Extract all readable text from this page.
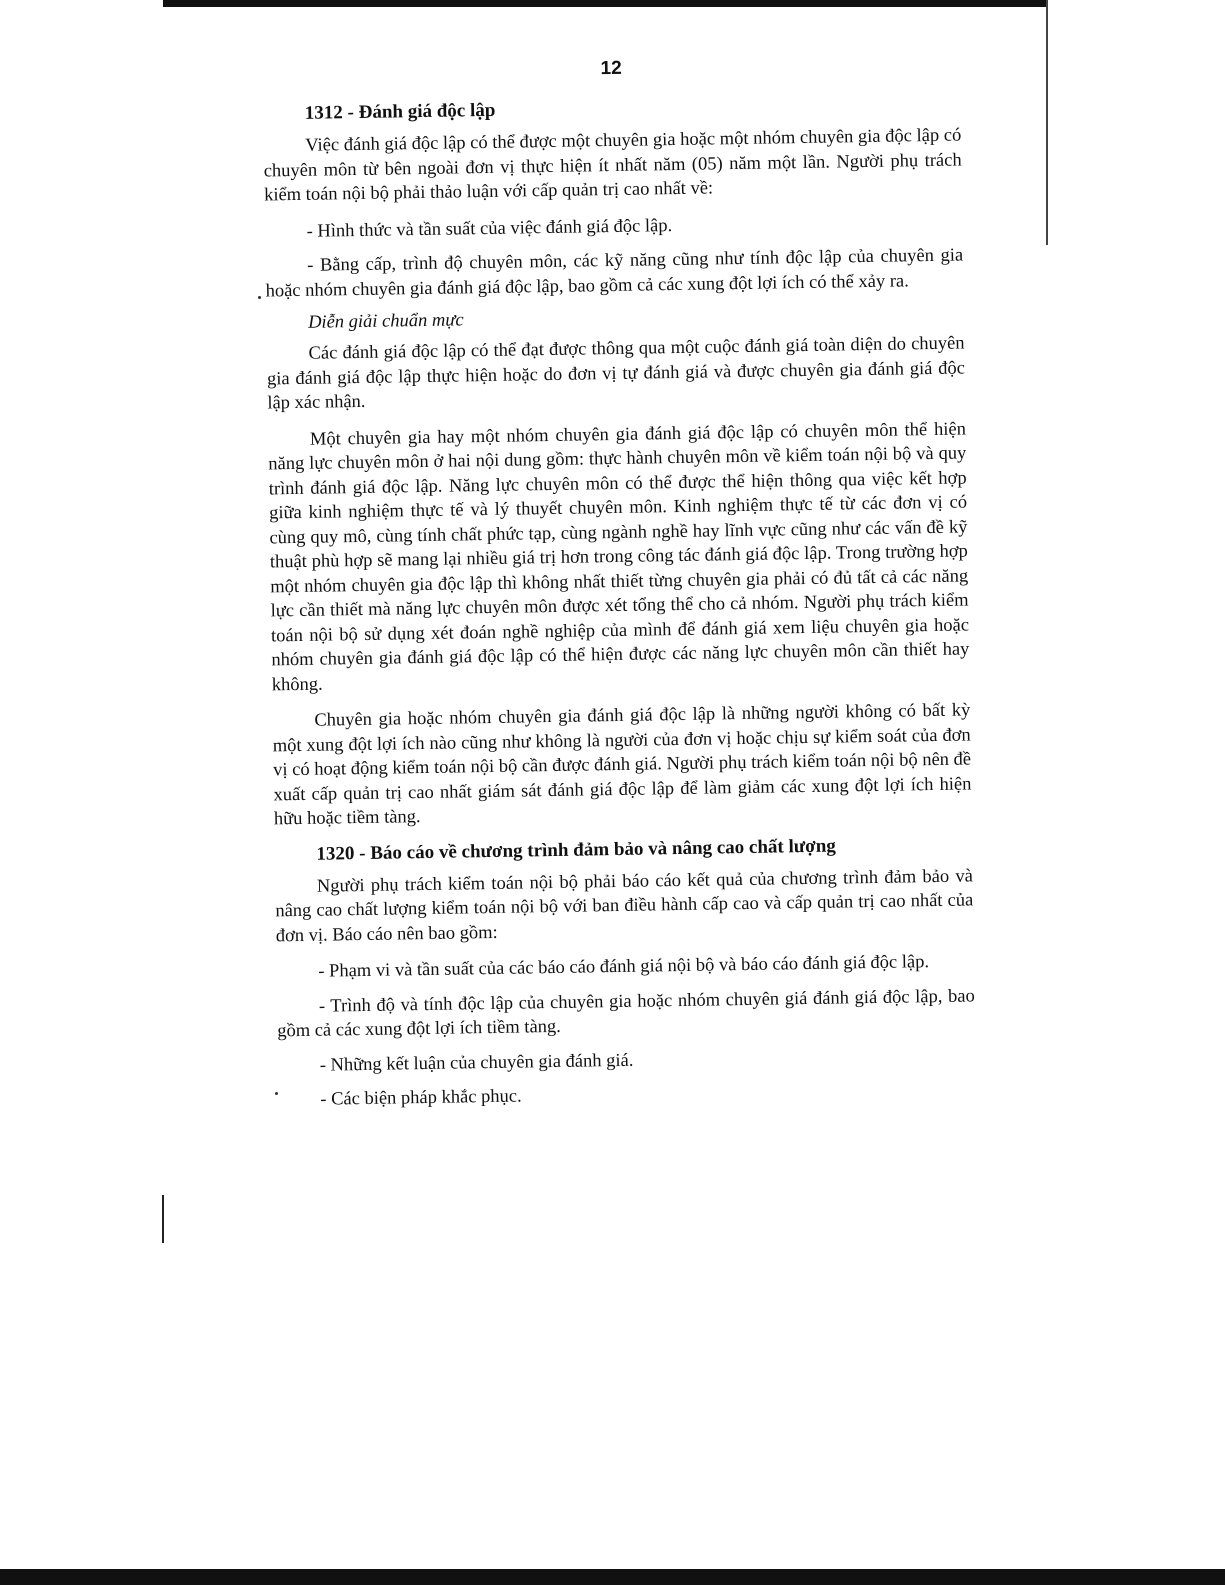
12
1312 - Đánh giá độc lập

Việc đánh giá độc lập có thể được một chuyên gia hoặc một nhóm chuyên gia độc lập có chuyên môn từ bên ngoài đơn vị thực hiện ít nhất năm (05) năm một lần. Người phụ trách kiểm toán nội bộ phải thảo luận với cấp quản trị cao nhất về:

- Hình thức và tần suất của việc đánh giá độc lập.

- Bằng cấp, trình độ chuyên môn, các kỹ năng cũng như tính độc lập của chuyên gia hoặc nhóm chuyên gia đánh giá độc lập, bao gồm cả các xung đột lợi ích có thể xảy ra.

Diễn giải chuẩn mực

Các đánh giá độc lập có thể đạt được thông qua một cuộc đánh giá toàn diện do chuyên gia đánh giá độc lập thực hiện hoặc do đơn vị tự đánh giá và được chuyên gia đánh giá độc lập xác nhận.

Một chuyên gia hay một nhóm chuyên gia đánh giá độc lập có chuyên môn thể hiện năng lực chuyên môn ở hai nội dung gồm: thực hành chuyên môn về kiểm toán nội bộ và quy trình đánh giá độc lập. Năng lực chuyên môn có thể được thể hiện thông qua việc kết hợp giữa kinh nghiệm thực tế và lý thuyết chuyên môn. Kinh nghiệm thực tế từ các đơn vị có cùng quy mô, cùng tính chất phức tạp, cùng ngành nghề hay lĩnh vực cũng như các vấn đề kỹ thuật phù hợp sẽ mang lại nhiều giá trị hơn trong công tác đánh giá độc lập. Trong trường hợp một nhóm chuyên gia độc lập thì không nhất thiết từng chuyên gia phải có đủ tất cả các năng lực cần thiết mà năng lực chuyên môn được xét tổng thể cho cả nhóm. Người phụ trách kiểm toán nội bộ sử dụng xét đoán nghề nghiệp của mình để đánh giá xem liệu chuyên gia hoặc nhóm chuyên gia đánh giá độc lập có thể hiện được các năng lực chuyên môn cần thiết hay không.

Chuyên gia hoặc nhóm chuyên gia đánh giá độc lập là những người không có bất kỳ một xung đột lợi ích nào cũng như không là người của đơn vị hoặc chịu sự kiểm soát của đơn vị có hoạt động kiểm toán nội bộ cần được đánh giá. Người phụ trách kiểm toán nội bộ nên đề xuất cấp quản trị cao nhất giám sát đánh giá độc lập để làm giảm các xung đột lợi ích hiện hữu hoặc tiềm tàng.

1320 - Báo cáo về chương trình đảm bảo và nâng cao chất lượng

Người phụ trách kiểm toán nội bộ phải báo cáo kết quả của chương trình đảm bảo và nâng cao chất lượng kiểm toán nội bộ với ban điều hành cấp cao và cấp quản trị cao nhất của đơn vị. Báo cáo nên bao gồm:

- Phạm vi và tần suất của các báo cáo đánh giá nội bộ và báo cáo đánh giá độc lập.

- Trình độ và tính độc lập của chuyên gia hoặc nhóm chuyên giá đánh giá độc lập, bao gồm cả các xung đột lợi ích tiềm tàng.

- Những kết luận của chuyên gia đánh giá.

- Các biện pháp khắc phục.
